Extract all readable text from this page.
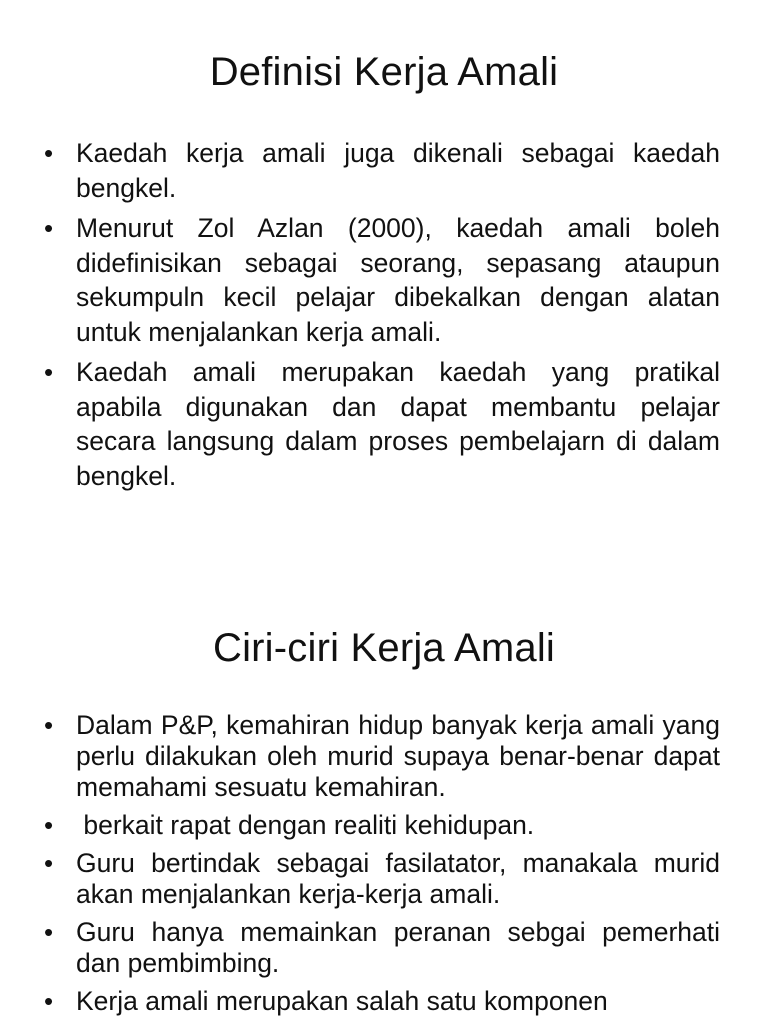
Definisi Kerja Amali
• Kaedah kerja amali juga dikenali sebagai kaedah bengkel.
• Menurut Zol Azlan (2000), kaedah amali boleh didefinisikan sebagai seorang, sepasang ataupun sekumpuln kecil pelajar dibekalkan dengan alatan untuk menjalankan kerja amali.
• Kaedah amali merupakan kaedah yang pratikal apabila digunakan dan dapat membantu pelajar secara langsung dalam proses pembelajarn di dalam bengkel.
Ciri-ciri Kerja Amali
• Dalam P&P, kemahiran hidup banyak kerja amali yang perlu dilakukan oleh murid supaya benar-benar dapat memahami sesuatu kemahiran.
• berkait rapat dengan realiti kehidupan.
• Guru bertindak sebagai fasilatator, manakala murid akan menjalankan kerja-kerja amali.
• Guru hanya memainkan peranan sebgai pemerhati dan pembimbing.
• Kerja amali merupakan salah satu komponen
